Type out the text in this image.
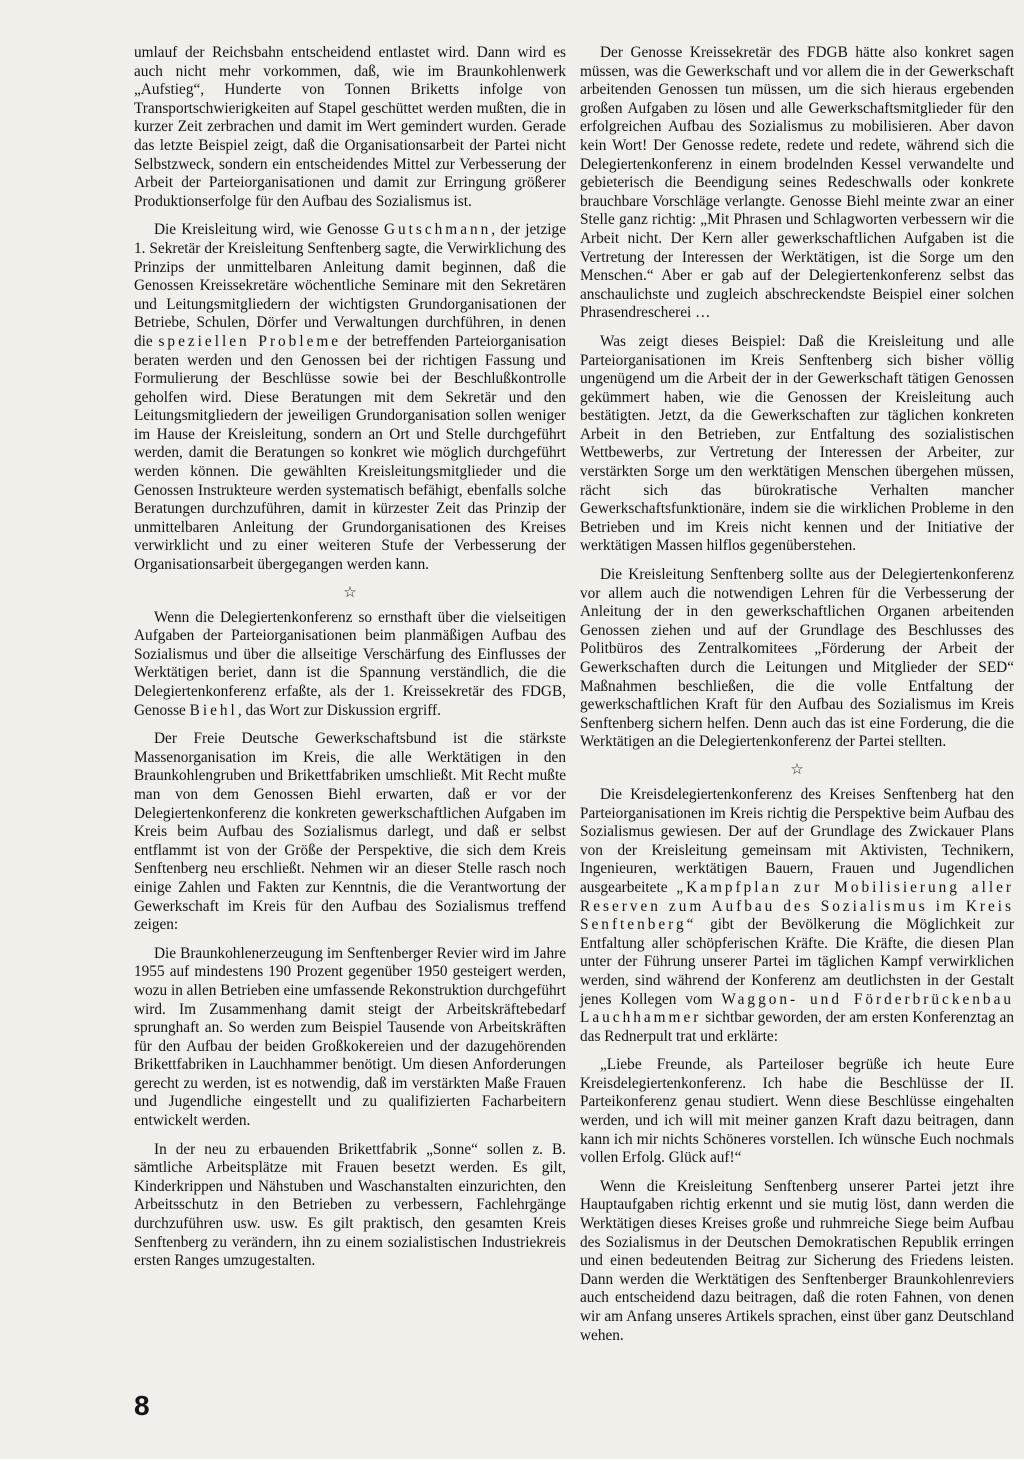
umlauf der Reichsbahn entscheidend entlastet wird. Dann wird es auch nicht mehr vorkommen, daß, wie im Braunkohlenwerk „Aufstieg“, Hunderte von Tonnen Briketts infolge von Transportschwierigkeiten auf Stapel geschüttet werden mußten, die in kurzer Zeit zerbrachen und damit im Wert gemindert wurden. Gerade das letzte Beispiel zeigt, daß die Organisationsarbeit der Partei nicht Selbstzweck, sondern ein entscheidendes Mittel zur Verbesserung der Arbeit der Parteiorganisationen und damit zur Erringung größerer Produktionserfolge für den Aufbau des Sozialismus ist.

Die Kreisleitung wird, wie Genosse Gutschmann, der jetzige 1. Sekretär der Kreisleitung Senftenberg sagte, die Verwirklichung des Prinzips der unmittelbaren Anleitung damit beginnen, daß die Genossen Kreissekretäre wöchentliche Seminare mit den Sekretären und Leitungsmitgliedern der wichtigsten Grundorganisationen der Betriebe, Schulen, Dörfer und Verwaltungen durchführen, in denen die speziellen Probleme der betreffenden Parteiorganisation beraten werden und den Genossen bei der richtigen Fassung und Formulierung der Beschlüsse sowie bei der Beschlußkontrolle geholfen wird. Diese Beratungen mit dem Sekretär und den Leitungsmitgliedern der jeweiligen Grundorganisation sollen weniger im Hause der Kreisleitung, sondern an Ort und Stelle durchgeführt werden, damit die Beratungen so konkret wie möglich durchgeführt werden können. Die gewählten Kreisleitungsmitglieder und die Genossen Instrukteure werden systematisch befähigt, ebenfalls solche Beratungen durchzuführen, damit in kürzester Zeit das Prinzip der unmittelbaren Anleitung der Grundorganisationen des Kreises verwirklicht und zu einer weiteren Stufe der Verbesserung der Organisationsarbeit übergegangen werden kann.

☆

Wenn die Delegiertenkonferenz so ernsthaft über die vielseitigen Aufgaben der Parteiorganisationen beim planmäßigen Aufbau des Sozialismus und über die allseitige Verschärfung des Einflusses der Werktätigen beriet, dann ist die Spannung verständlich, die die Delegiertenkonferenz erfaßte, als der 1. Kreissekretär des FDGB, Genosse Biehl, das Wort zur Diskussion ergriff.

Der Freie Deutsche Gewerkschaftsbund ist die stärkste Massenorganisation im Kreis, die alle Werktätigen in den Braunkohlengruben und Brikettfabriken umschließt. Mit Recht mußte man von dem Genossen Biehl erwarten, daß er vor der Delegiertenkonferenz die konkreten gewerkschaftlichen Aufgaben im Kreis beim Aufbau des Sozialismus darlegt, und daß er selbst entflammt ist von der Größe der Perspektive, die sich dem Kreis Senftenberg neu erschließt. Nehmen wir an dieser Stelle rasch noch einige Zahlen und Fakten zur Kenntnis, die die Verantwortung der Gewerkschaft im Kreis für den Aufbau des Sozialismus treffend zeigen:

Die Braunkohlenerzeugung im Senftenberger Revier wird im Jahre 1955 auf mindestens 190 Prozent gegenüber 1950 gesteigert werden, wozu in allen Betrieben eine umfassende Rekonstruktion durchgeführt wird. Im Zusammenhang damit steigt der Arbeitskräftebedarf sprunghaft an. So werden zum Beispiel Tausende von Arbeitskräften für den Aufbau der beiden Großkokereien und der dazugehörenden Brikettfabriken in Lauchhammer benötigt. Um diesen Anforderungen gerecht zu werden, ist es notwendig, daß im verstärkten Maße Frauen und Jugendliche eingestellt und zu qualifizierten Facharbeitern entwickelt werden.

In der neu zu erbauenden Brikettfabrik „Sonne“ sollen z. B. sämtliche Arbeitsplätze mit Frauen besetzt werden. Es gilt, Kinderkrippen und Nähstuben und Waschanstalten einzurichten, den Arbeitsschutz in den Betrieben zu verbessern, Fachlehrgänge durchzuführen usw. usw. Es gilt praktisch, den gesamten Kreis Senftenberg zu verändern, ihn zu einem sozialistischen Industriekreis ersten Ranges umzugestalten.

Der Genosse Kreissekretär des FDGB hätte also konkret sagen müssen, was die Gewerkschaft und vor allem die in der Gewerkschaft arbeitenden Genossen tun müssen, um die sich hieraus ergebenden großen Aufgaben zu lösen und alle Gewerkschaftsmitglieder für den erfolgreichen Aufbau des Sozialismus zu mobilisieren. Aber davon kein Wort! Der Genosse redete, redete und redete, während sich die Delegiertenkonferenz in einem brodelnden Kessel verwandelte und gebieterisch die Beendigung seines Redeschwalls oder konkrete brauchbare Vorschläge verlangte. Genosse Biehl meinte zwar an einer Stelle ganz richtig: „Mit Phrasen und Schlagworten verbessern wir die Arbeit nicht. Der Kern aller gewerkschaftlichen Aufgaben ist die Vertretung der Interessen der Werktätigen, ist die Sorge um den Menschen.“ Aber er gab auf der Delegiertenkonferenz selbst das anschaulichste und zugleich abschreckendste Beispiel einer solchen Phrasendrescherei …

Was zeigt dieses Beispiel: Daß die Kreisleitung und alle Parteiorganisationen im Kreis Senftenberg sich bisher völlig ungenügend um die Arbeit der in der Gewerkschaft tätigen Genossen gekümmert haben, wie die Genossen der Kreisleitung auch bestätigten. Jetzt, da die Gewerkschaften zur täglichen konkreten Arbeit in den Betrieben, zur Entfaltung des sozialistischen Wettbewerbs, zur Vertretung der Interessen der Arbeiter, zur verstärkten Sorge um den werktätigen Menschen übergehen müssen, rächt sich das bürokratische Verhalten mancher Gewerkschaftsfunktionäre, indem sie die wirklichen Probleme in den Betrieben und im Kreis nicht kennen und der Initiative der werktätigen Massen hilflos gegenüberstehen.

Die Kreisleitung Senftenberg sollte aus der Delegiertenkonferenz vor allem auch die notwendigen Lehren für die Verbesserung der Anleitung der in den gewerkschaftlichen Organen arbeitenden Genossen ziehen und auf der Grundlage des Beschlusses des Politbüros des Zentralkomitees „Förderung der Arbeit der Gewerkschaften durch die Leitungen und Mitglieder der SED“ Maßnahmen beschließen, die die volle Entfaltung der gewerkschaftlichen Kraft für den Aufbau des Sozialismus im Kreis Senftenberg sichern helfen. Denn auch das ist eine Forderung, die die Werktätigen an die Delegiertenkonferenz der Partei stellten.

☆

Die Kreisdelegiertenkonferenz des Kreises Senftenberg hat den Parteiorganisationen im Kreis richtig die Perspektive beim Aufbau des Sozialismus gewiesen. Der auf der Grundlage des Zwickauer Plans von der Kreisleitung gemeinsam mit Aktivisten, Technikern, Ingenieuren, werktätigen Bauern, Frauen und Jugendlichen ausgearbeitete „Kampfplan zur Mobilisierung aller Reserven zum Aufbau des Sozialismus im Kreis Senftenberg“ gibt der Bevölkerung die Möglichkeit zur Entfaltung aller schöpferischen Kräfte. Die Kräfte, die diesen Plan unter der Führung unserer Partei im täglichen Kampf verwirklichen werden, sind während der Konferenz am deutlichsten in der Gestalt jenes Kollegen vom Waggon- und Förderbrückenbau Lauchhammer sichtbar geworden, der am ersten Konferenztag an das Rednerpult trat und erklärte:

„Liebe Freunde, als Parteiloser begrüße ich heute Eure Kreisdelegiertenkonferenz. Ich habe die Beschlüsse der II. Parteikonferenz genau studiert. Wenn diese Beschlüsse eingehalten werden, und ich will mit meiner ganzen Kraft dazu beitragen, dann kann ich mir nichts Schöneres vorstellen. Ich wünsche Euch nochmals vollen Erfolg. Glück auf!“

Wenn die Kreisleitung Senftenberg unserer Partei jetzt ihre Hauptaufgaben richtig erkennt und sie mutig löst, dann werden die Werktätigen dieses Kreises große und ruhmreiche Siege beim Aufbau des Sozialismus in der Deutschen Demokratischen Republik erringen und einen bedeutenden Beitrag zur Sicherung des Friedens leisten. Dann werden die Werktätigen des Senftenberger Braunkohlenreviers auch entscheidend dazu beitragen, daß die roten Fahnen, von denen wir am Anfang unseres Artikels sprachen, einst über ganz Deutschland wehen.

8
